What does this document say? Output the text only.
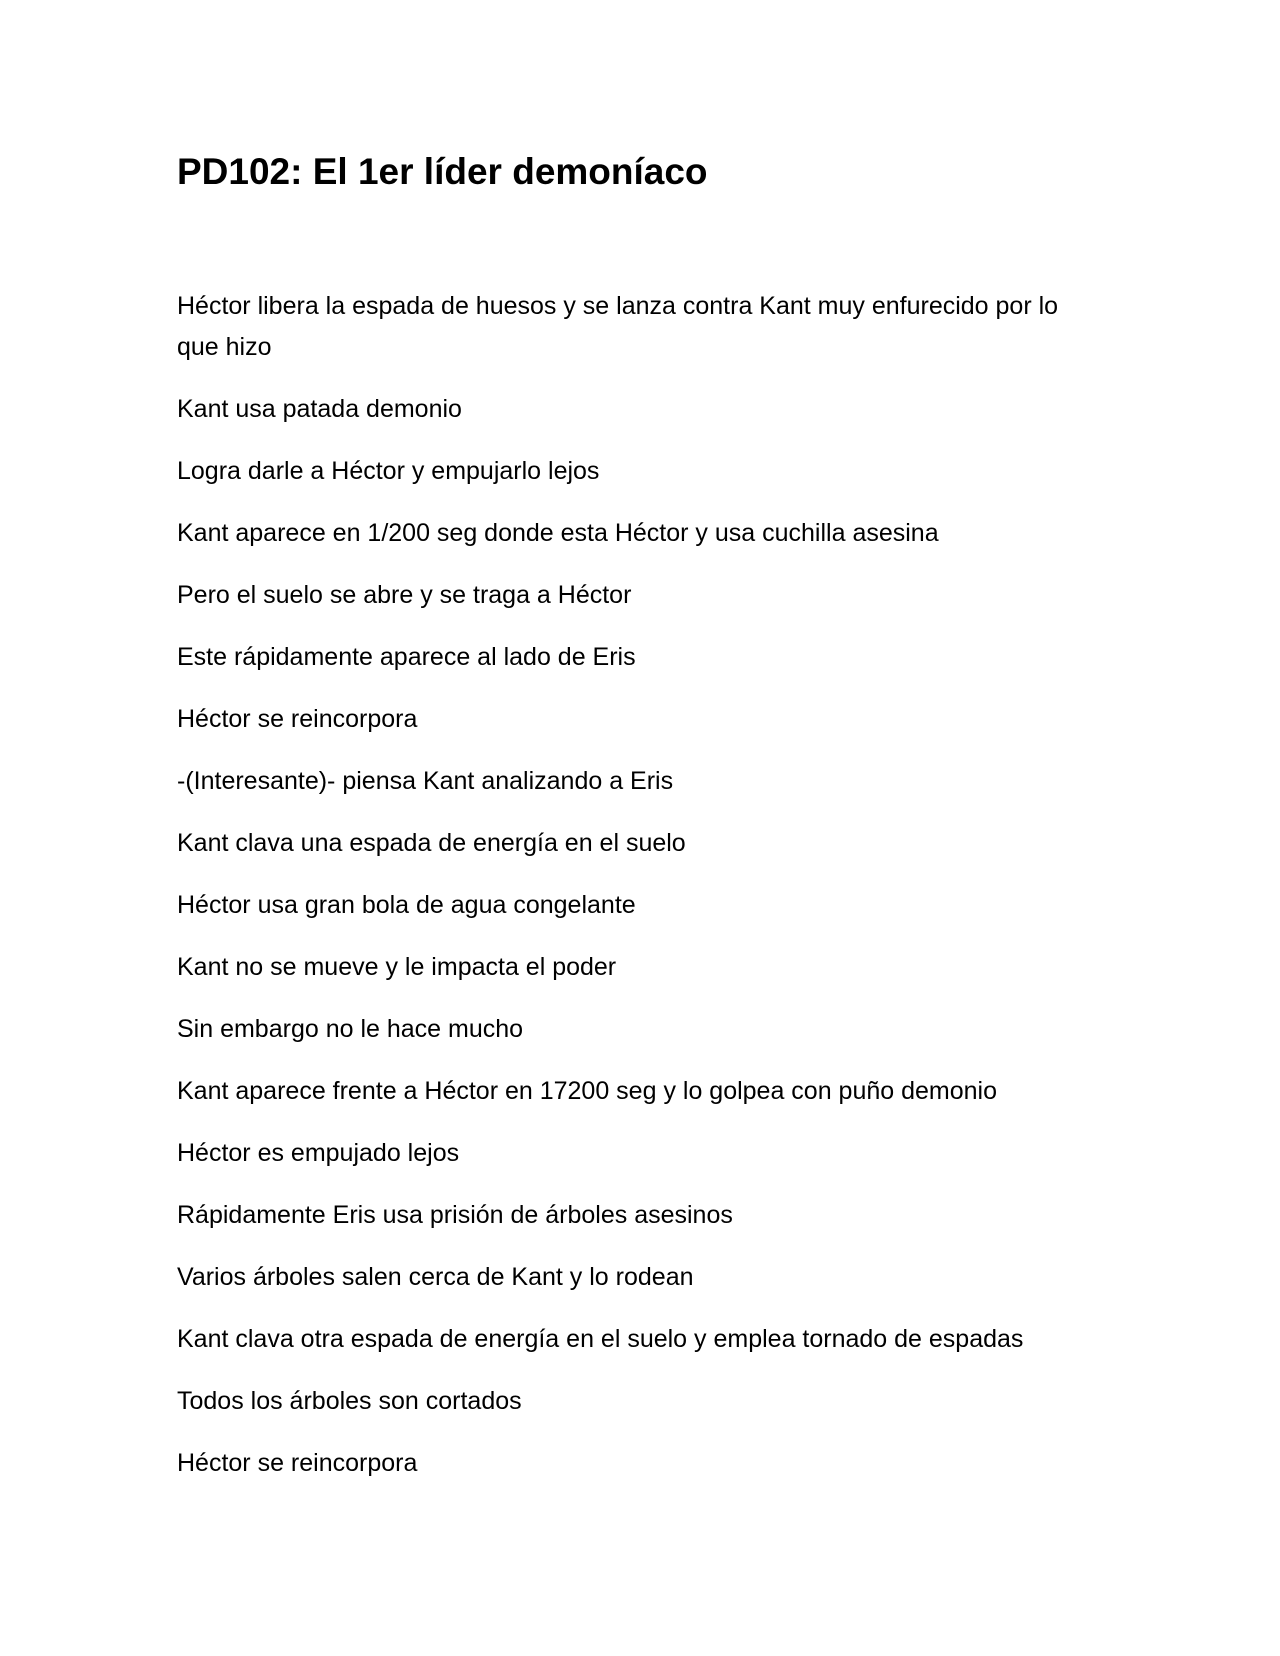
PD102: El 1er líder demoníaco

Héctor libera la espada de huesos y se lanza contra Kant muy enfurecido por lo que hizo

Kant usa patada demonio

Logra darle a Héctor y empujarlo lejos

Kant aparece en 1/200 seg donde esta Héctor y usa cuchilla asesina

Pero el suelo se abre y se traga a Héctor

Este rápidamente aparece al lado de Eris

Héctor se reincorpora

-(Interesante)- piensa Kant analizando a Eris

Kant clava una espada de energía en el suelo

Héctor usa gran bola de agua congelante

Kant no se mueve y le impacta el poder

Sin embargo no le hace mucho

Kant aparece frente a Héctor en 17200 seg y lo golpea con puño demonio

Héctor es empujado lejos

Rápidamente Eris usa prisión de árboles asesinos

Varios árboles salen cerca de Kant y lo rodean

Kant clava otra espada de energía en el suelo y emplea tornado de espadas

Todos los árboles son cortados

Héctor se reincorpora
